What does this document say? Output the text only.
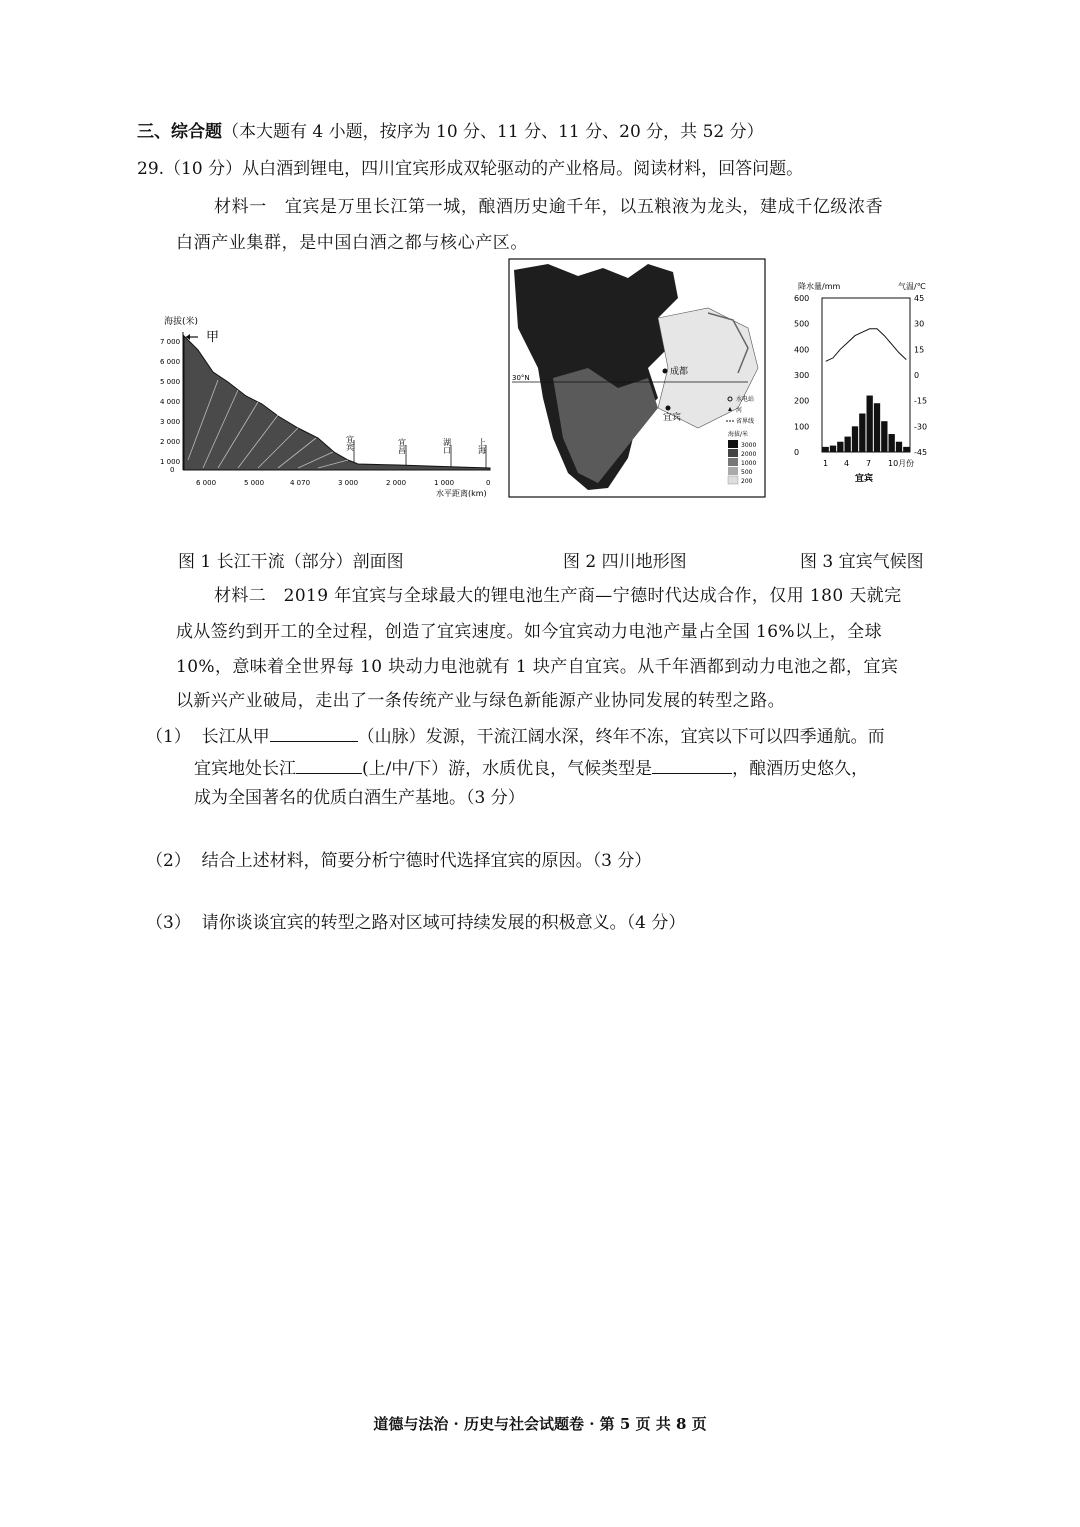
三、综合题（本大题有 4 小题，按序为 10 分、11 分、11 分、20 分，共 52 分）
29.（10 分）从白酒到锂电，四川宜宾形成双轮驱动的产业格局。阅读材料，回答问题。
材料一 宜宾是万里长江第一城，酿酒历史逾千年，以五粮液为龙头，建成千亿级浓香
白酒产业集群，是中国白酒之都与核心产区。
海拔(米)
甲
7 000
6 000
5 000
4 000
3 000
2 000
1 000
0
宜宾	宜昌	湖口	上海
6 000	5 000	4 070	3 000	2 000	1 000	0
水平距离(km)
30°N
成都
宜宾
水电站
河
省界线
海拔/米
3000
2000
1000
500
200
降水量/mm	气温/℃
600
500
400
300
200
100
0
45
30
15
0
-15
-30
-45
1 4 7 10月份
宜宾
图 1 长江干流（部分）剖面图	图 2 四川地形图	图 3 宜宾气候图
材料二 2019 年宜宾与全球最大的锂电池生产商—宁德时代达成合作，仅用 180 天就完
成从签约到开工的全过程，创造了宜宾速度。如今宜宾动力电池产量占全国 16%以上，全球
10%，意味着全世界每 10 块动力电池就有 1 块产自宜宾。从千年酒都到动力电池之都，宜宾
以新兴产业破局，走出了一条传统产业与绿色新能源产业协同发展的转型之路。
（1） 长江从甲	（山脉）发源，干流江阔水深，终年不冻，宜宾以下可以四季通航。而
宜宾地处长江	(上/中/下）游，水质优良，气候类型是	，酿酒历史悠久，
成为全国著名的优质白酒生产基地。（3 分）
（2） 结合上述材料，简要分析宁德时代选择宜宾的原因。（3 分）
（3） 请你谈谈宜宾的转型之路对区域可持续发展的积极意义。（4 分）
道德与法治 · 历史与社会试题卷 · 第 5 页 共 8 页
